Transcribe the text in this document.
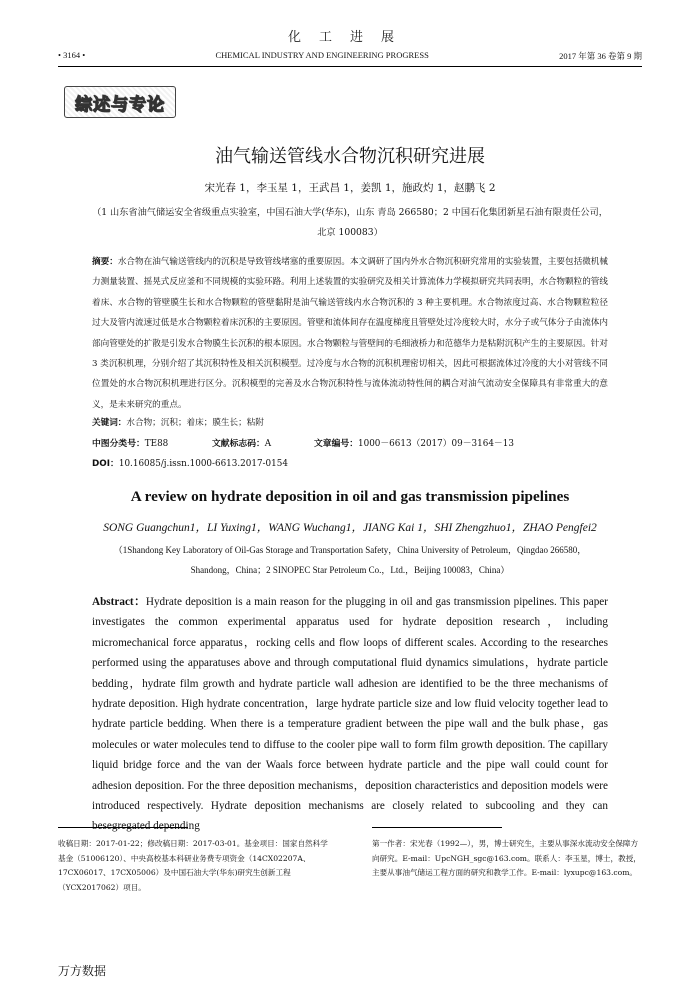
化工进展
• 3164 •	CHEMICAL INDUSTRY AND ENGINEERING PROGRESS	2017 年第 36 卷第 9 期
综述与专论
油气输送管线水合物沉积研究进展
宋光春 1，李玉星 1，王武昌 1，姜凯 1，施政灼 1，赵鹏飞 2
（1 山东省油气储运安全省级重点实验室，中国石油大学(华东)，山东 青岛 266580；2 中国石化集团新星石油有限责任公司，北京 100083）
摘要：水合物在油气输送管线内的沉积是导致管线堵塞的重要原因。本文调研了国内外水合物沉积研究常用的实验装置，主要包括微机械力测量装置、摇晃式反应釜和不同规模的实验环路。利用上述装置的实验研究及相关计算流体力学模拟研究共同表明，水合物颗粒的管线着床、水合物的管壁膜生长和水合物颗粒的管壁黏附是油气输送管线内水合物沉积的 3 种主要机理。水合物浓度过高、水合物颗粒粒径过大及管内流速过低是水合物颗粒着床沉积的主要原因。管壁和流体间存在温度梯度且管壁处过冷度较大时，水分子或气体分子由流体内部向管壁处的扩散是引发水合物膜生长沉积的根本原因。水合物颗粒与管壁间的毛细液桥力和范德华力是粘附沉积产生的主要原因。针对 3 类沉积机理，分别介绍了其沉积特性及相关沉积模型。过冷度与水合物的沉积机理密切相关，因此可根据流体过冷度的大小对管线不同位置处的水合物沉积机理进行区分。沉积模型的完善及水合物沉积特性与流体流动特性间的耦合对油气流动安全保障具有非常重大的意义，是未来研究的重点。
关键词：水合物；沉积；着床；膜生长；粘附
中图分类号：TE88	文献标志码：A	文章编号：1000－6613（2017）09－3164－13
DOI：10.16085/j.issn.1000-6613.2017-0154
A review on hydrate deposition in oil and gas transmission pipelines
SONG Guangchun1，LI Yuxing1，WANG Wuchang1，JIANG Kai 1，SHI Zhengzhuo1，ZHAO Pengfei2
（1Shandong Key Laboratory of Oil-Gas Storage and Transportation Safety，China University of Petroleum，Qingdao 266580，Shandong，China；2 SINOPEC Star Petroleum Co.，Ltd.，Beijing 100083，China）
Abstract：Hydrate deposition is a main reason for the plugging in oil and gas transmission pipelines. This paper investigates the common experimental apparatus used for hydrate deposition research，including micromechanical force apparatus，rocking cells and flow loops of different scales. According to the researches performed using the apparatuses above and through computational fluid dynamics simulations，hydrate particle bedding，hydrate film growth and hydrate particle wall adhesion are identified to be the three mechanisms of hydrate deposition. High hydrate concentration，large hydrate particle size and low fluid velocity together lead to hydrate particle bedding. When there is a temperature gradient between the pipe wall and the bulk phase，gas molecules or water molecules tend to diffuse to the cooler pipe wall to form film growth deposition. The capillary liquid bridge force and the van der Waals force between hydrate particle and the pipe wall could count for adhesion deposition. For the three deposition mechanisms，deposition characteristics and deposition models were introduced respectively. Hydrate deposition mechanisms are closely related to subcooling and they can besegregated depending
收稿日期：2017-01-22；修改稿日期：2017-03-01。基金项目：国家自然科学基金（51006120）、中央高校基本科研业务费专项资金（14CX02207A、17CX06017、17CX05006）及中国石油大学(华东)研究生创新工程（YCX2017062）项目。
第一作者：宋光春（1992—），男，博士研究生，主要从事深水流动安全保障方向研究。E-mail：UpcNGH_sgc@163.com。联系人：李玉星，博士，教授，主要从事油气储运工程方面的研究和教学工作。E-mail：lyxupc@163.com。
万方数据
